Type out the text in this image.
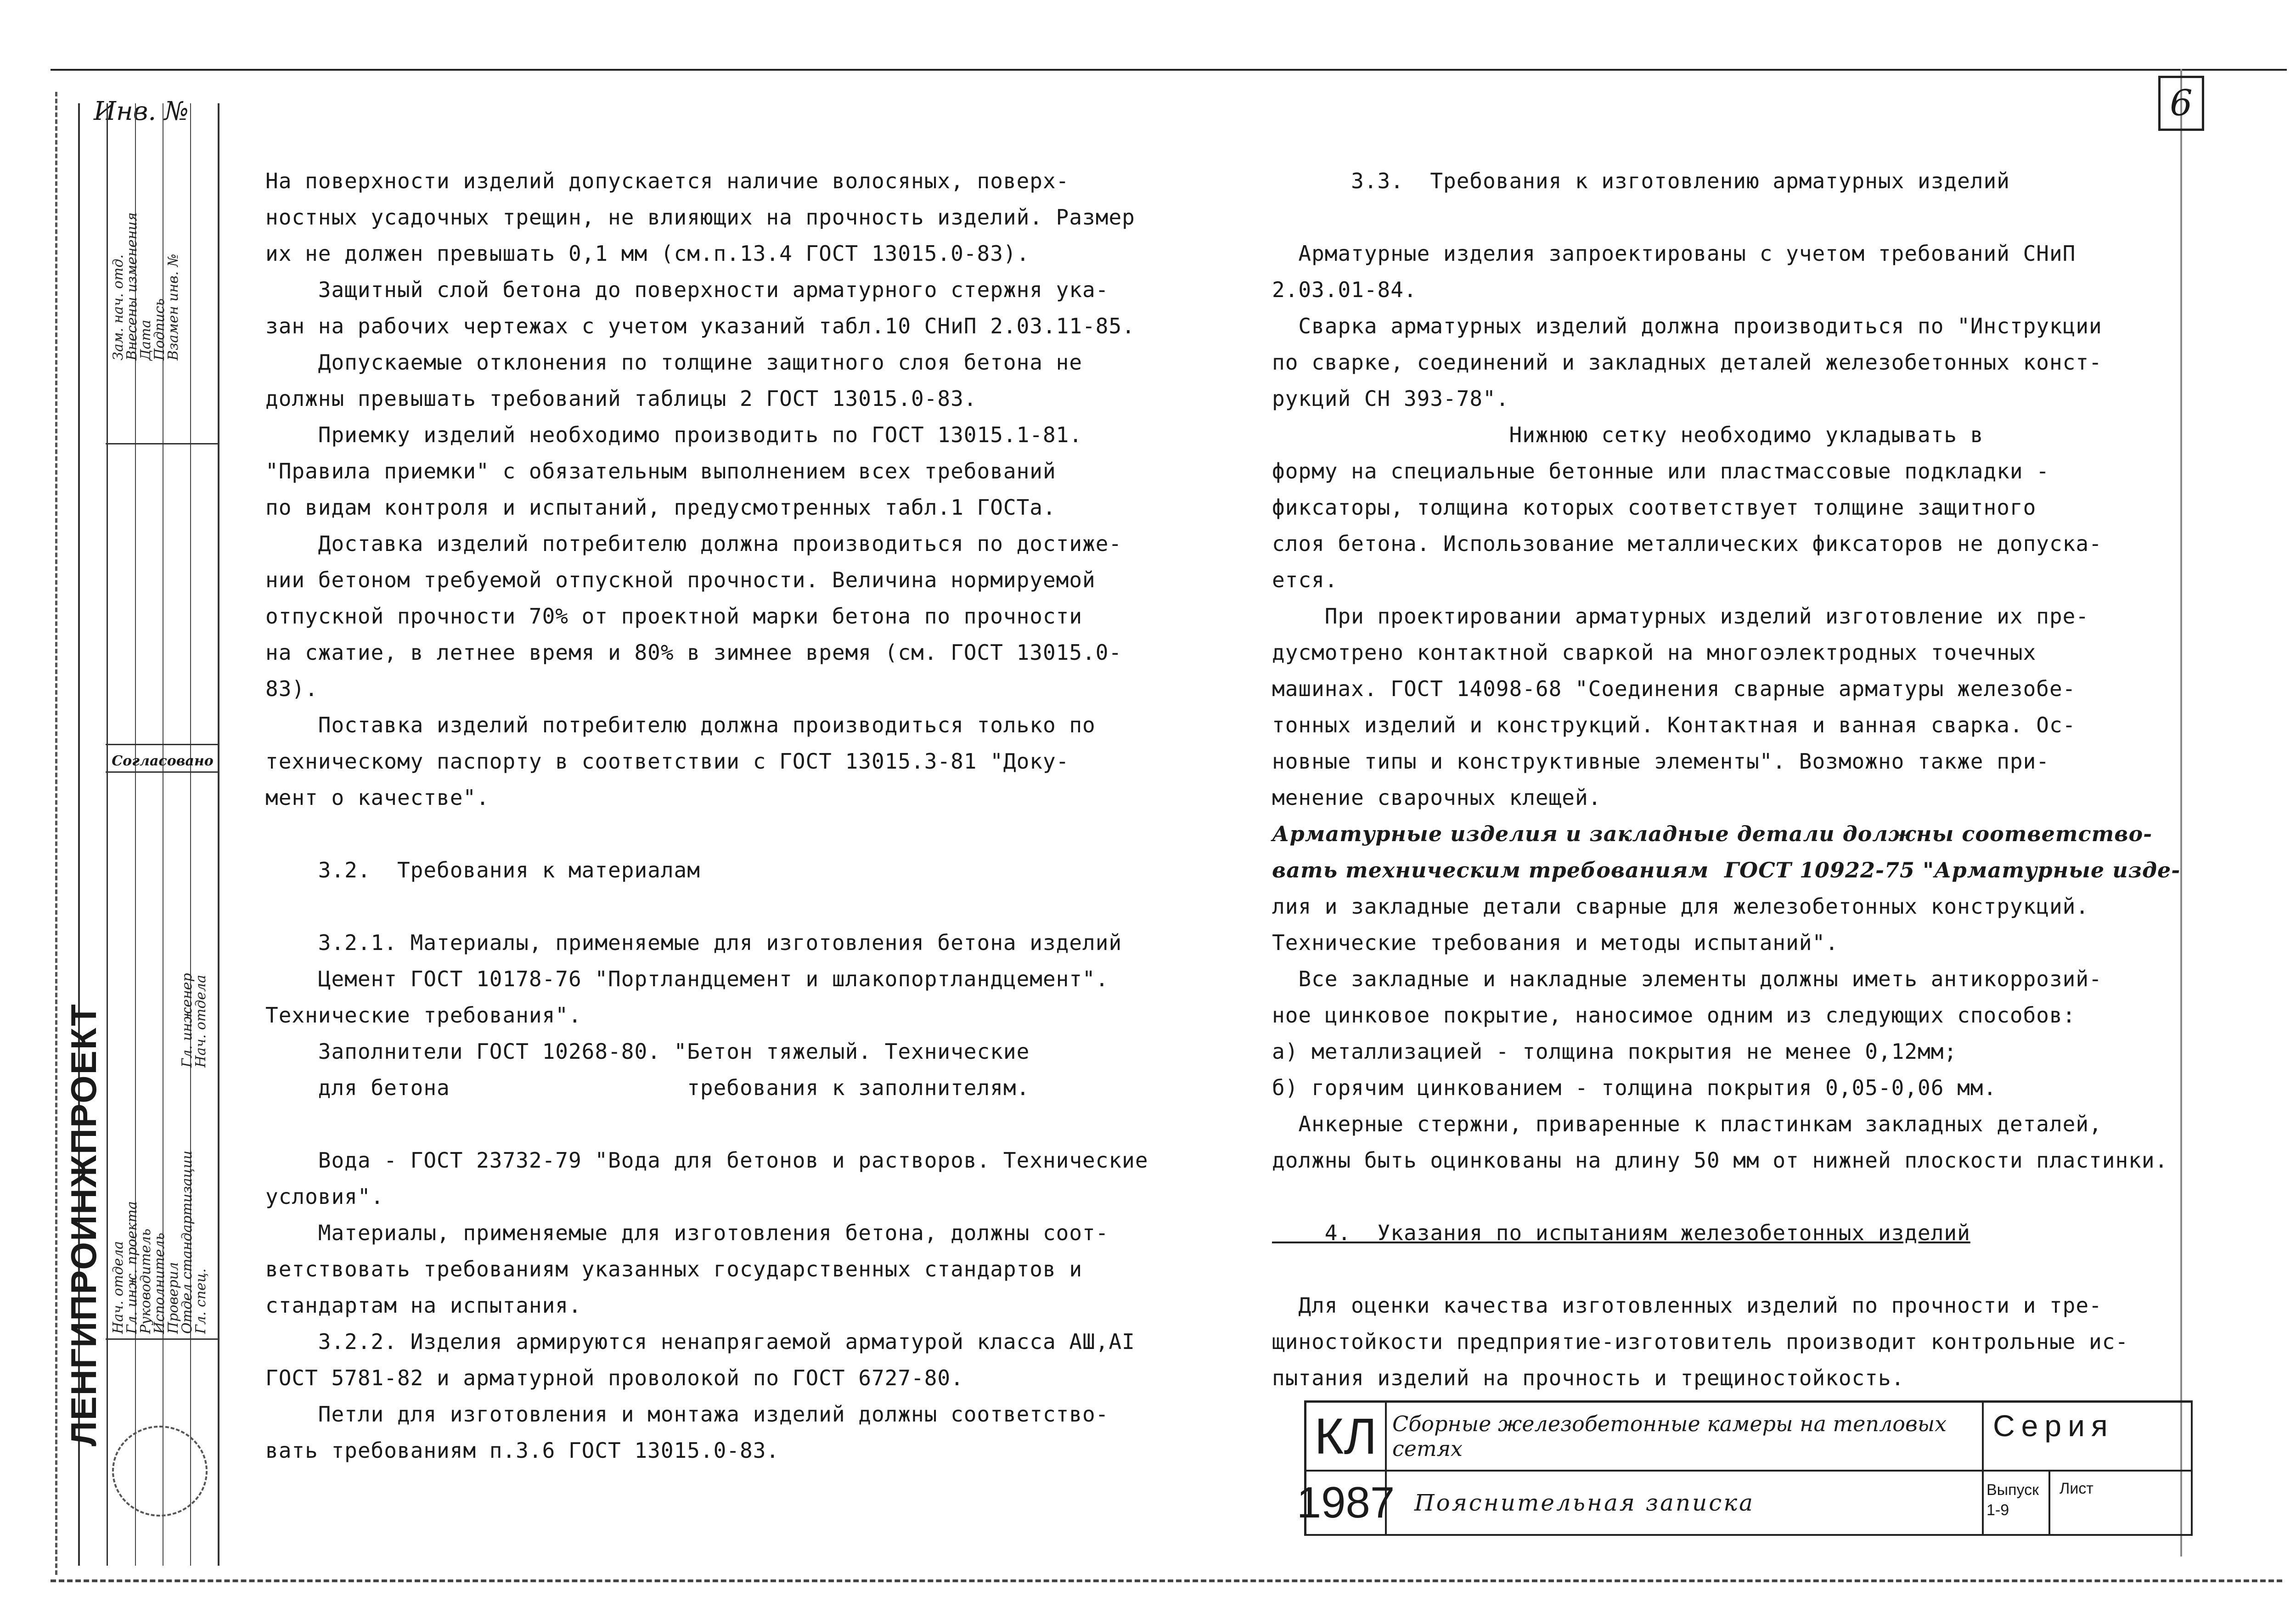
6
Инв. №
ЛЕНГИПРОИНЖПРОЕКТ
Согласовано
Зам. нач. отд.
Внесены изменения
Дата
Подпись
Взамен инв. №
Нач. отдела
Гл. инж. проекта
Руководитель
Исполнитель
Проверил
Отдел стандартизации
Гл. спец.
Гл. инженер
Нач. отдела

На поверхности изделий допускается наличие волосяных, поверх-

ностных усадочных трещин, не влияющих на прочность изделий. Размер

их не должен превышать 0,1 мм (см.п.13.4 ГОСТ 13015.0-83).

Защитный слой бетона до поверхности арматурного стержня ука-

зан на рабочих чертежах с учетом указаний табл.10 СНиП 2.03.11-85.

Допускаемые отклонения по толщине защитного слоя бетона не

должны превышать требований таблицы 2 ГОСТ 13015.0-83.

Приемку изделий необходимо производить по ГОСТ 13015.1-81.

"Правила приемки" с обязательным выполнением всех требований

по видам контроля и испытаний, предусмотренных табл.1 ГОСТа.

Доставка изделий потребителю должна производиться по достиже-

нии бетоном требуемой отпускной прочности. Величина нормируемой

отпускной прочности 70% от проектной марки бетона по прочности

на сжатие, в летнее время и 80% в зимнее время (см. ГОСТ 13015.0-

83).

Поставка изделий потребителю должна производиться только по

техническому паспорту в соответствии с ГОСТ 13015.3-81 "Доку-

мент о качестве".

3.2.  Требования к материалам

3.2.1. Материалы, применяемые для изготовления бетона изделий

Цемент ГОСТ 10178-76 "Портландцемент и шлакопортландцемент".

Технические требования".

Заполнители ГОСТ 10268-80. "Бетон тяжелый. Технические

для бетона                  требования к заполнителям.

Вода - ГОСТ 23732-79 "Вода для бетонов и растворов. Технические

условия".

Материалы, применяемые для изготовления бетона, должны соот-

ветствовать требованиям указанных государственных стандартов и

стандартам на испытания.

3.2.2. Изделия армируются ненапрягаемой арматурой класса АШ,АI

ГОСТ 5781-82 и арматурной проволокой по ГОСТ 6727-80.

Петли для изготовления и монтажа изделий должны соответство-

вать требованиям п.3.6 ГОСТ 13015.0-83.

3.3.  Требования к изготовлению арматурных изделий

Арматурные изделия запроектированы с учетом требований СНиП

2.03.01-84.

Сварка арматурных изделий должна производиться по "Инструкции

по сварке, соединений и закладных деталей железобетонных конст-

рукций СН 393-78".

Нижнюю сетку необходимо укладывать в

форму на специальные бетонные или пластмассовые подкладки -

фиксаторы, толщина которых соответствует толщине защитного

слоя бетона. Использование металлических фиксаторов не допуска-

ется.

При проектировании арматурных изделий изготовление их пре-

дусмотрено контактной сваркой на многоэлектродных точечных

машинах. ГОСТ 14098-68 "Соединения сварные арматуры железобе-

тонных изделий и конструкций. Контактная и ванная сварка. Ос-

новные типы и конструктивные элементы". Возможно также при-

менение сварочных клещей.

Арматурные изделия и закладные детали должны соответство-

вать техническим требованиям  ГОСТ 10922-75 "Арматурные изде-

лия и закладные детали сварные для железобетонных конструкций.

Технические требования и методы испытаний".

Все закладные и накладные элементы должны иметь антикоррозий-

ное цинковое покрытие, наносимое одним из следующих способов:

а) металлизацией - толщина покрытия не менее 0,12мм;

б) горячим цинкованием - толщина покрытия 0,05-0,06 мм.

Анкерные стержни, приваренные к пластинкам закладных деталей,

должны быть оцинкованы на длину 50 мм от нижней плоскости пластинки.

4.  Указания по испытаниям железобетонных изделий

Для оценки качества изготовленных изделий по прочности и тре-

щиностойкости предприятие-изготовитель производит контрольные ис-

пытания изделий на прочность и трещиностойкость.

КЛ
1987
Сборные железобетонные камеры на тепловых сетях
Пояснительная записка
Серия
Выпуск
1-9
Лист
